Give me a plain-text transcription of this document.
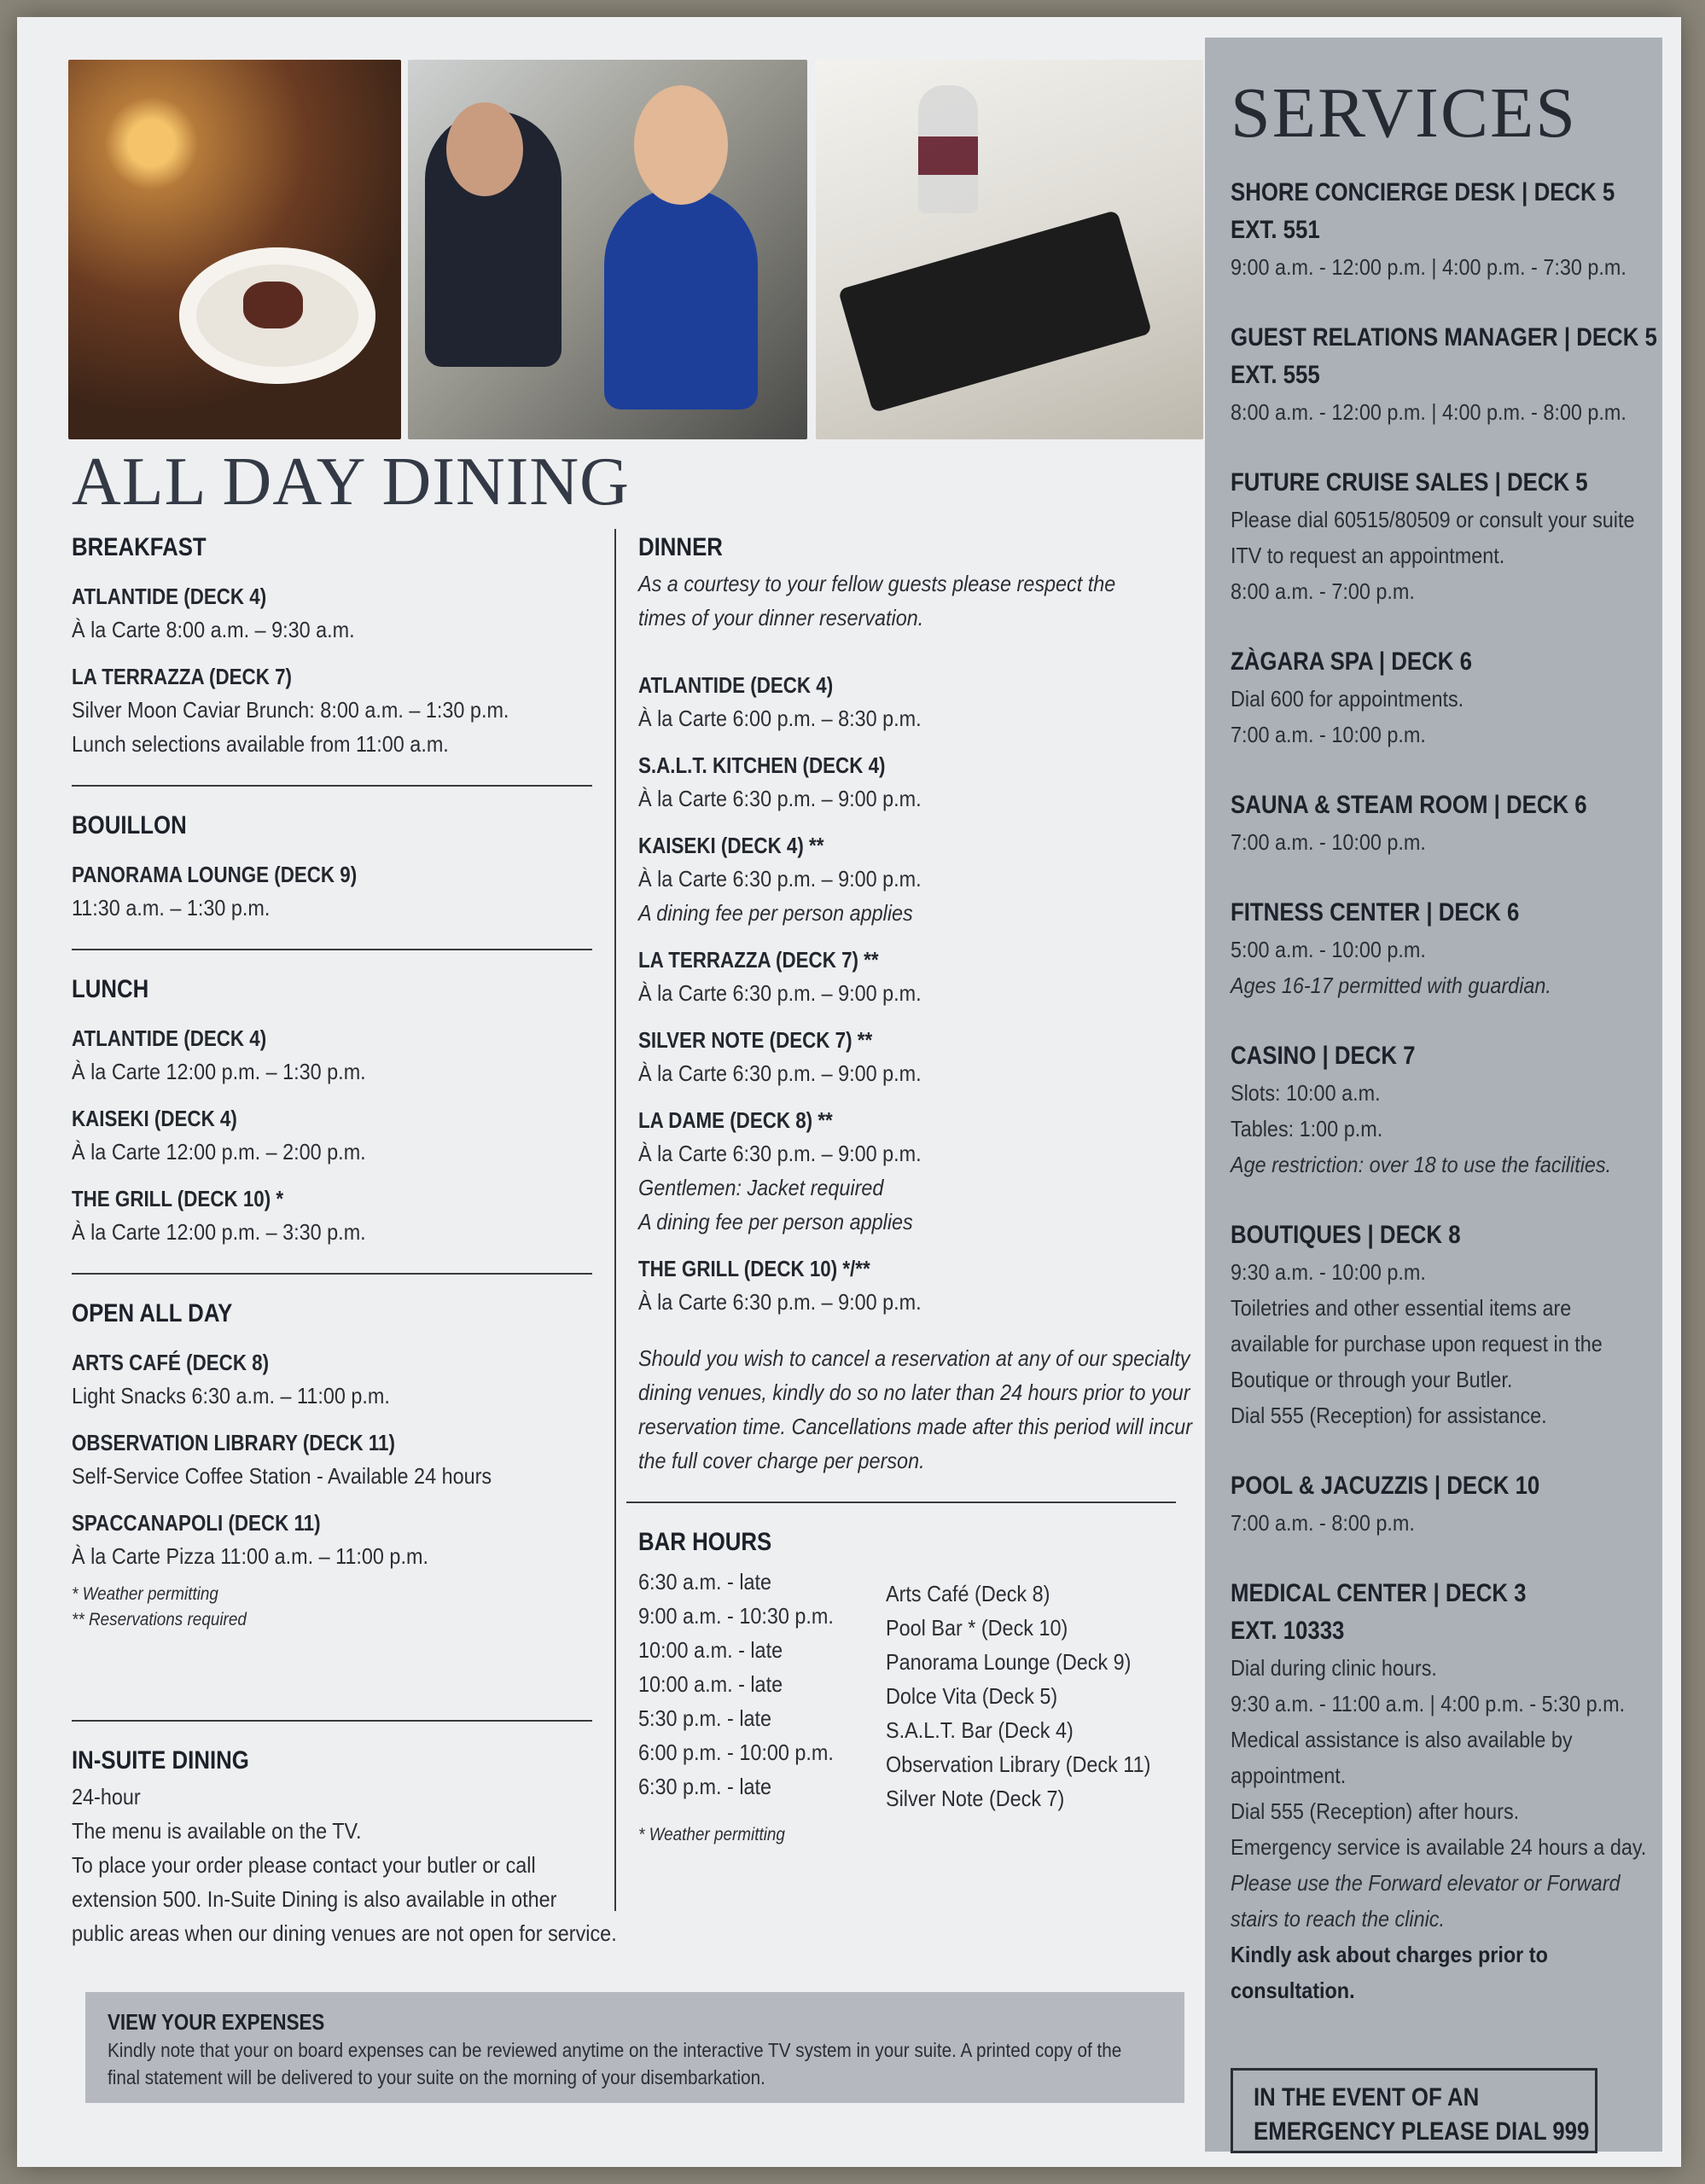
ALL DAY DINING
BREAKFAST
ATLANTIDE (DECK 4)
À la Carte 8:00 a.m. – 9:30 a.m.
LA TERRAZZA (DECK 7)
Silver Moon Caviar Brunch: 8:00 a.m. – 1:30 p.m.
Lunch selections available from 11:00 a.m.
BOUILLON
PANORAMA LOUNGE (DECK 9)
11:30 a.m. – 1:30 p.m.
LUNCH
ATLANTIDE (DECK 4)
À la Carte 12:00 p.m. – 1:30 p.m.
KAISEKI (DECK 4)
À la Carte 12:00 p.m. – 2:00 p.m.
THE GRILL (DECK 10) *
À la Carte 12:00 p.m. – 3:30 p.m.
OPEN ALL DAY
ARTS CAFÉ (DECK 8)
Light Snacks 6:30 a.m. – 11:00 p.m.
OBSERVATION LIBRARY (DECK 11)
Self-Service Coffee Station - Available 24 hours
SPACCANAPOLI (DECK 11)
À la Carte Pizza 11:00 a.m. – 11:00 p.m.
* Weather permitting
** Reservations required
IN-SUITE DINING
24-hour
The menu is available on the TV.
To place your order please contact your butler or call
extension 500. In-Suite Dining is also available in other
public areas when our dining venues are not open for service.
DINNER
As a courtesy to your fellow guests please respect the
times of your dinner reservation.
ATLANTIDE (DECK 4)
À la Carte 6:00 p.m. – 8:30 p.m.
S.A.L.T. KITCHEN (DECK 4)
À la Carte 6:30 p.m. – 9:00 p.m.
KAISEKI (DECK 4) **
À la Carte 6:30 p.m. – 9:00 p.m.
A dining fee per person applies
LA TERRAZZA (DECK 7) **
À la Carte 6:30 p.m. – 9:00 p.m.
SILVER NOTE (DECK 7) **
À la Carte 6:30 p.m. – 9:00 p.m.
LA DAME (DECK 8) **
À la Carte 6:30 p.m. – 9:00 p.m.
Gentlemen: Jacket required
A dining fee per person applies
THE GRILL (DECK 10) */**
À la Carte 6:30 p.m. – 9:00 p.m.
Should you wish to cancel a reservation at any of our specialty
dining venues, kindly do so no later than 24 hours prior to your
reservation time. Cancellations made after this period will incur
the full cover charge per person.
BAR HOURS
6:30 a.m. - late
9:00 a.m. - 10:30 p.m.
10:00 a.m. - late
10:00 a.m. - late
5:30 p.m. - late
6:00 p.m. - 10:00 p.m.
6:30 p.m. - late
Arts Café (Deck 8)
Pool Bar * (Deck 10)
Panorama Lounge (Deck 9)
Dolce Vita (Deck 5)
S.A.L.T. Bar (Deck 4)
Observation Library (Deck 11)
Silver Note (Deck 7)
* Weather permitting
VIEW YOUR EXPENSES
Kindly note that your on board expenses can be reviewed anytime on the interactive TV system in your suite. A printed copy of the
final statement will be delivered to your suite on the morning of your disembarkation.
SERVICES
SHORE CONCIERGE DESK | DECK 5
EXT. 551
9:00 a.m. - 12:00 p.m. | 4:00 p.m. - 7:30 p.m.
GUEST RELATIONS MANAGER | DECK 5
EXT. 555
8:00 a.m. - 12:00 p.m. | 4:00 p.m. - 8:00 p.m.
FUTURE CRUISE SALES | DECK 5
Please dial 60515/80509 or consult your suite
ITV to request an appointment.
8:00 a.m. - 7:00 p.m.
ZÀGARA SPA | DECK 6
Dial 600 for appointments.
7:00 a.m. - 10:00 p.m.
SAUNA & STEAM ROOM | DECK 6
7:00 a.m. - 10:00 p.m.
FITNESS CENTER | DECK 6
5:00 a.m. - 10:00 p.m.
Ages 16-17 permitted with guardian.
CASINO | DECK 7
Slots: 10:00 a.m.
Tables: 1:00 p.m.
Age restriction: over 18 to use the facilities.
BOUTIQUES | DECK 8
9:30 a.m. - 10:00 p.m.
Toiletries and other essential items are
available for purchase upon request in the
Boutique or through your Butler.
Dial 555 (Reception) for assistance.
POOL & JACUZZIS | DECK 10
7:00 a.m. - 8:00 p.m.
MEDICAL CENTER | DECK 3
EXT. 10333
Dial during clinic hours.
9:30 a.m. - 11:00 a.m. | 4:00 p.m. - 5:30 p.m.
Medical assistance is also available by
appointment.
Dial 555 (Reception) after hours.
Emergency service is available 24 hours a day.
Please use the Forward elevator or Forward
stairs to reach the clinic.
Kindly ask about charges prior to
consultation.
IN THE EVENT OF AN
EMERGENCY PLEASE DIAL 999
